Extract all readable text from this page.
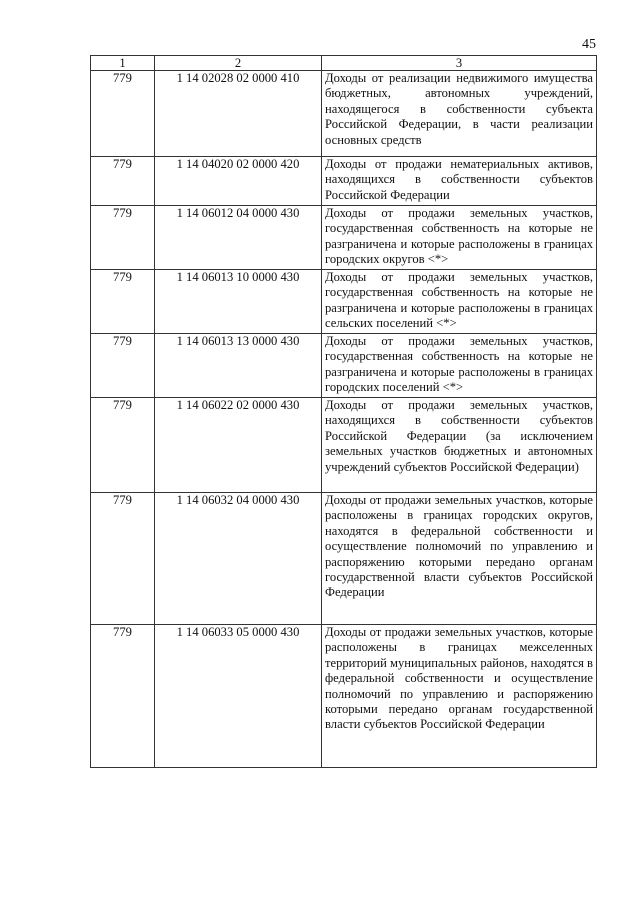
45
1	2	3
779	1 14 02028 02 0000 410	Доходы от реализации недвижимого имущества бюджетных, автономных учреждений, находящегося в собственности субъекта Российской Федерации, в части реализации основных средств
779	1 14 04020 02 0000 420	Доходы от продажи нематериальных активов, находящихся в собственности субъектов Российской Федерации
779	1 14 06012 04 0000 430	Доходы от продажи земельных участков, государственная собственность на которые не разграничена и которые расположены в границах городских округов <*>
779	1 14 06013 10 0000 430	Доходы от продажи земельных участков, государственная собственность на которые не разграничена и которые расположены в границах сельских поселений <*>
779	1 14 06013 13 0000 430	Доходы от продажи земельных участков, государственная собственность на которые не разграничена и которые расположены в границах городских поселений <*>
779	1 14 06022 02 0000 430	Доходы от продажи земельных участков, находящихся в собственности субъектов Российской Федерации (за исключением земельных участков бюджетных и автономных учреждений субъектов Российской Федерации)
779	1 14 06032 04 0000 430	Доходы от продажи земельных участков, которые расположены в границах городских округов, находятся в федеральной собственности и осуществление полномочий по управлению и распоряжению которыми передано органам государственной власти субъектов Российской Федерации
779	1 14 06033 05 0000 430	Доходы от продажи земельных участков, которые расположены в границах межселенных территорий муниципальных районов, находятся в федеральной собственности и осуществление полномочий по управлению и распоряжению которыми передано органам государственной власти субъектов Российской Федерации
